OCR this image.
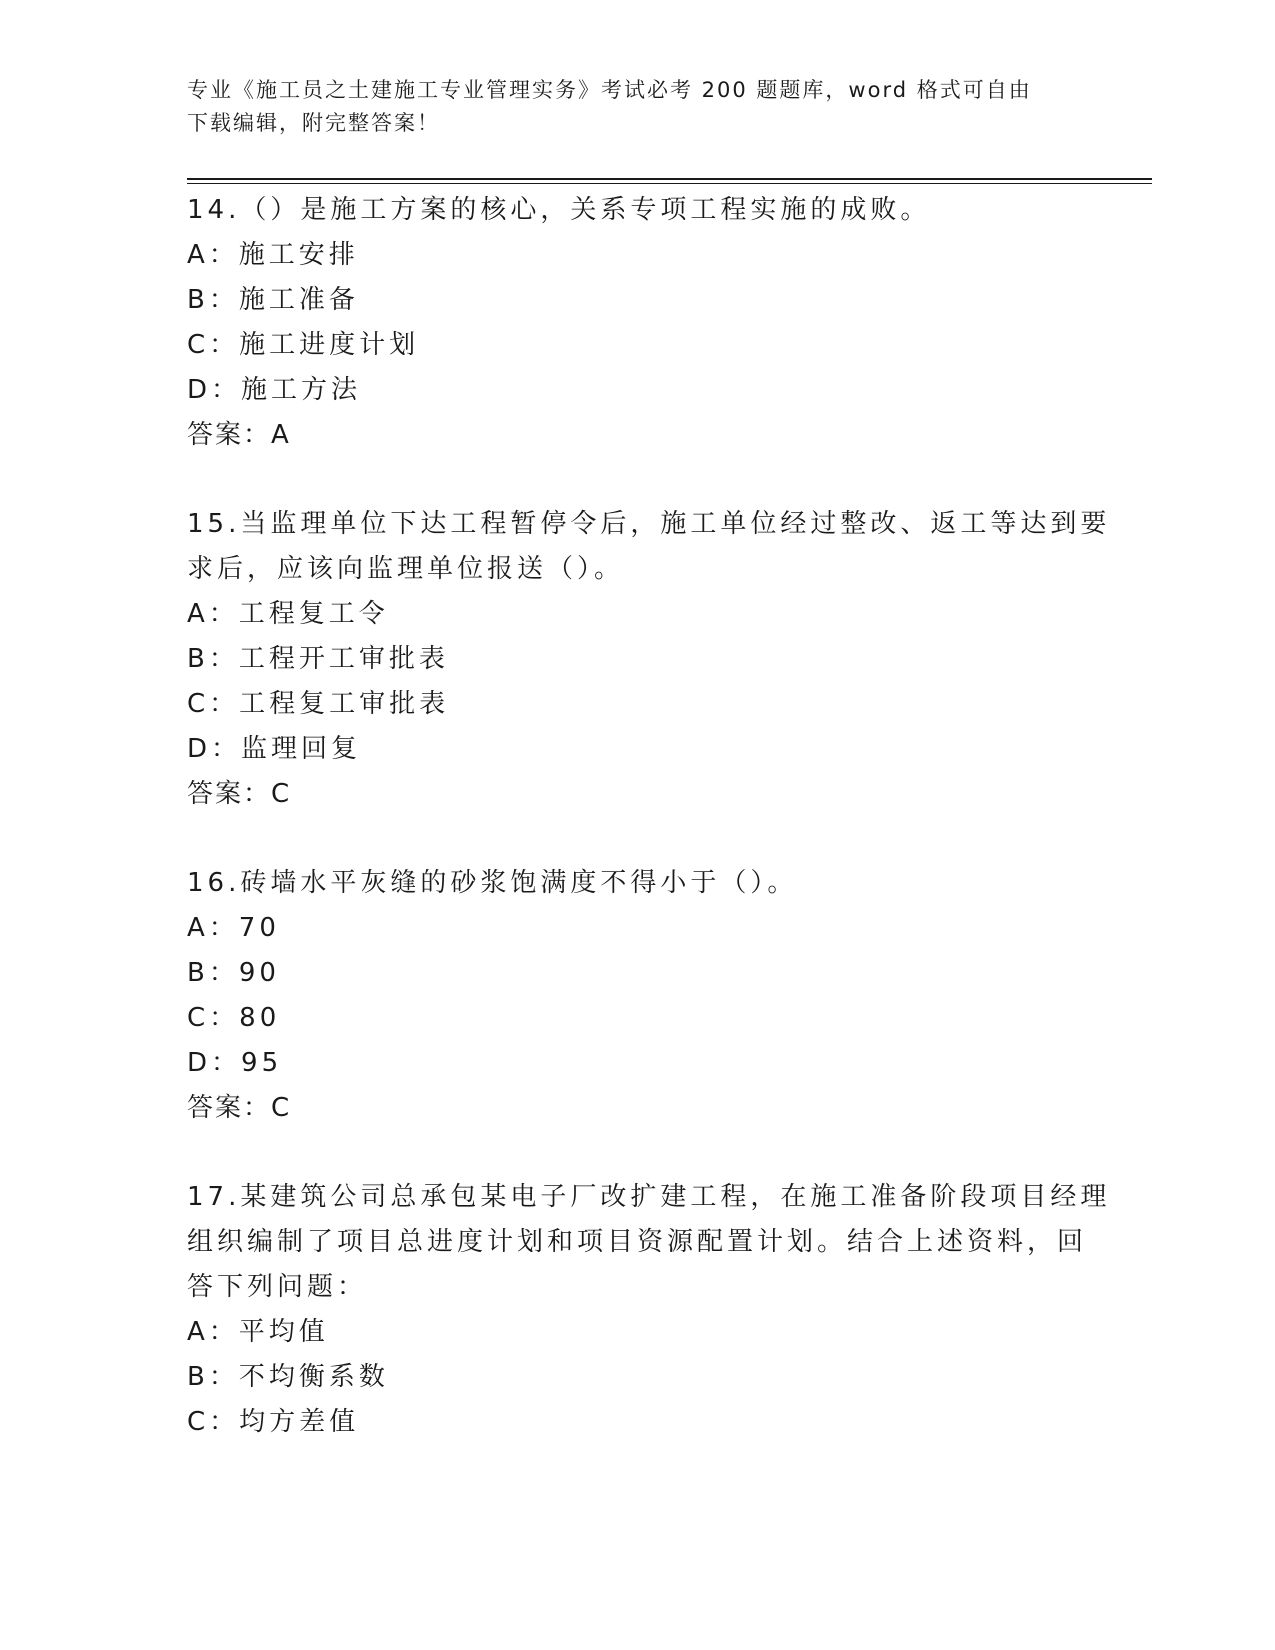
专业《施工员之土建施工专业管理实务》考试必考 200 题题库，word 格式可自由
下载编辑，附完整答案！
14.（）是施工方案的核心，关系专项工程实施的成败。
A：施工安排
B：施工准备
C：施工进度计划
D：施工方法
答案：A
15.当监理单位下达工程暂停令后，施工单位经过整改、返工等达到要
求后，应该向监理单位报送（）。
A：工程复工令
B：工程开工审批表
C：工程复工审批表
D：监理回复
答案：C
16.砖墙水平灰缝的砂浆饱满度不得小于（）。
A：70
B：90
C：80
D：95
答案：C
17.某建筑公司总承包某电子厂改扩建工程，在施工准备阶段项目经理
组织编制了项目总进度计划和项目资源配置计划。结合上述资料，回
答下列问题：
A：平均值
B：不均衡系数
C：均方差值
